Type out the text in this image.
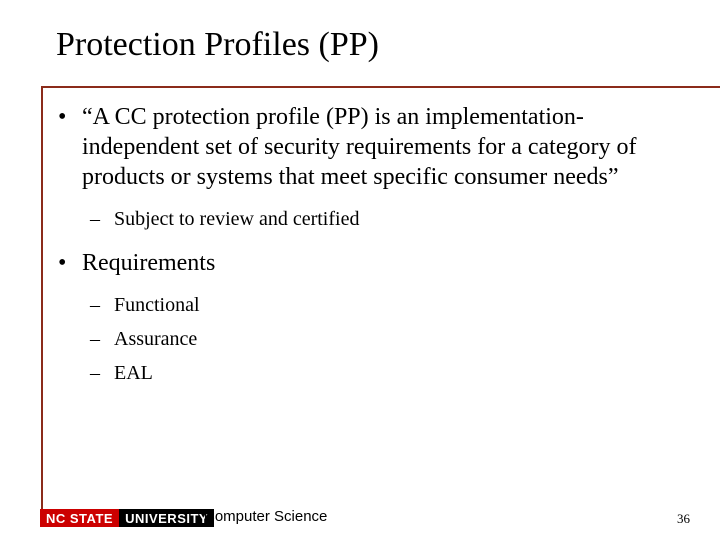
Protection Profiles (PP)
• “A CC protection profile (PP) is an implementation-independent set of security requirements for a category of products or systems that meet specific consumer needs”
– Subject to review and certified
• Requirements
– Functional
– Assurance
– EAL
NC STATE UNIVERSITY
Computer Science	36
